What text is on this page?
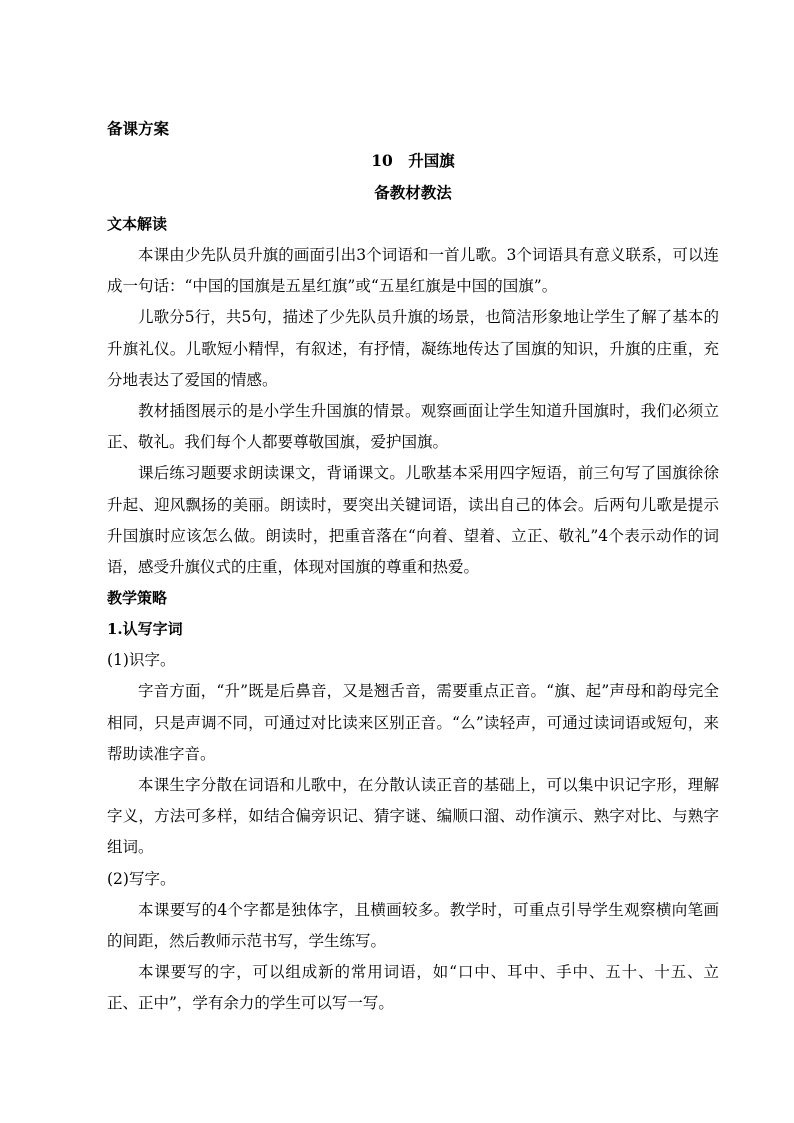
备课方案
10　升国旗
备教材教法

文本解读

本课由少先队员升旗的画面引出3个词语和一首儿歌。3个词语具有意义联系，可以连成一句话：“中国的国旗是五星红旗”或“五星红旗是中国的国旗”。

儿歌分5行，共5句，描述了少先队员升旗的场景，也简洁形象地让学生了解了基本的升旗礼仪。儿歌短小精悍，有叙述，有抒情，凝练地传达了国旗的知识，升旗的庄重，充分地表达了爱国的情感。

教材插图展示的是小学生升国旗的情景。观察画面让学生知道升国旗时，我们必须立正、敬礼。我们每个人都要尊敬国旗，爱护国旗。

课后练习题要求朗读课文，背诵课文。儿歌基本采用四字短语，前三句写了国旗徐徐升起、迎风飘扬的美丽。朗读时，要突出关键词语，读出自己的体会。后两句儿歌是提示升国旗时应该怎么做。朗读时，把重音落在“向着、望着、立正、敬礼”4个表示动作的词语，感受升旗仪式的庄重，体现对国旗的尊重和热爱。

教学策略

1.认写字词

(1)识字。

字音方面，“升”既是后鼻音，又是翘舌音，需要重点正音。“旗、起”声母和韵母完全相同，只是声调不同，可通过对比读来区别正音。“么”读轻声，可通过读词语或短句，来帮助读准字音。

本课生字分散在词语和儿歌中，在分散认读正音的基础上，可以集中识记字形，理解字义，方法可多样，如结合偏旁识记、猜字谜、编顺口溜、动作演示、熟字对比、与熟字组词。

(2)写字。

本课要写的4个字都是独体字，且横画较多。教学时，可重点引导学生观察横向笔画的间距，然后教师示范书写，学生练写。

本课要写的字，可以组成新的常用词语，如“口中、耳中、手中、五十、十五、立正、正中”，学有余力的学生可以写一写。
